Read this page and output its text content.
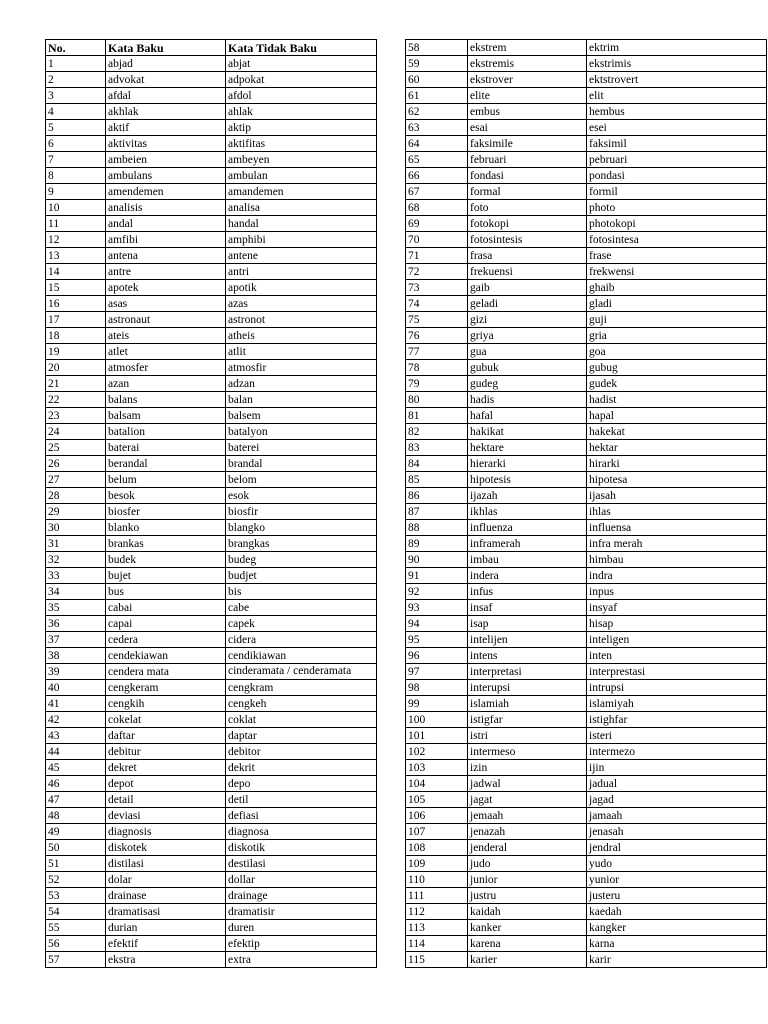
No.	Kata Baku	Kata Tidak Baku
1	abjad	abjat
2	advokat	adpokat
3	afdal	afdol
4	akhlak	ahlak
5	aktif	aktip
6	aktivitas	aktifitas
7	ambeien	ambeyen
8	ambulans	ambulan
9	amendemen	amandemen
10	analisis	analisa
11	andal	handal
12	amfibi	amphibi
13	antena	antene
14	antre	antri
15	apotek	apotik
16	asas	azas
17	astronaut	astronot
18	ateis	atheis
19	atlet	atlit
20	atmosfer	atmosfir
21	azan	adzan
22	balans	balan
23	balsam	balsem
24	batalion	batalyon
25	baterai	baterei
26	berandal	brandal
27	belum	belom
28	besok	esok
29	biosfer	biosfir
30	blanko	blangko
31	brankas	brangkas
32	budek	budeg
33	bujet	budjet
34	bus	bis
35	cabai	cabe
36	capai	capek
37	cedera	cidera
38	cendekiawan	cendikiawan
39	cendera mata	cinderamata / cenderamata
40	cengkeram	cengkram
41	cengkih	cengkeh
42	cokelat	coklat
43	daftar	daptar
44	debitur	debitor
45	dekret	dekrit
46	depot	depo
47	detail	detil
48	deviasi	defiasi
49	diagnosis	diagnosa
50	diskotek	diskotik
51	distilasi	destilasi
52	dolar	dollar
53	drainase	drainage
54	dramatisasi	dramatisir
55	durian	duren
56	efektif	efektip
57	ekstra	extra
58	ekstrem	ektrim
59	ekstremis	ekstrimis
60	ekstrover	ektstrovert
61	elite	elit
62	embus	hembus
63	esai	esei
64	faksimile	faksimil
65	februari	pebruari
66	fondasi	pondasi
67	formal	formil
68	foto	photo
69	fotokopi	photokopi
70	fotosintesis	fotosintesa
71	frasa	frase
72	frekuensi	frekwensi
73	gaib	ghaib
74	geladi	gladi
75	gizi	guji
76	griya	gria
77	gua	goa
78	gubuk	gubug
79	gudeg	gudek
80	hadis	hadist
81	hafal	hapal
82	hakikat	hakekat
83	hektare	hektar
84	hierarki	hirarki
85	hipotesis	hipotesa
86	ijazah	ijasah
87	ikhlas	ihlas
88	influenza	influensa
89	inframerah	infra merah
90	imbau	himbau
91	indera	indra
92	infus	inpus
93	insaf	insyaf
94	isap	hisap
95	intelijen	inteligen
96	intens	inten
97	interpretasi	interprestasi
98	interupsi	intrupsi
99	islamiah	islamiyah
100	istigfar	istighfar
101	istri	isteri
102	intermeso	intermezo
103	izin	ijin
104	jadwal	jadual
105	jagat	jagad
106	jemaah	jamaah
107	jenazah	jenasah
108	jenderal	jendral
109	judo	yudo
110	junior	yunior
111	justru	justeru
112	kaidah	kaedah
113	kanker	kangker
114	karena	karna
115	karier	karir
